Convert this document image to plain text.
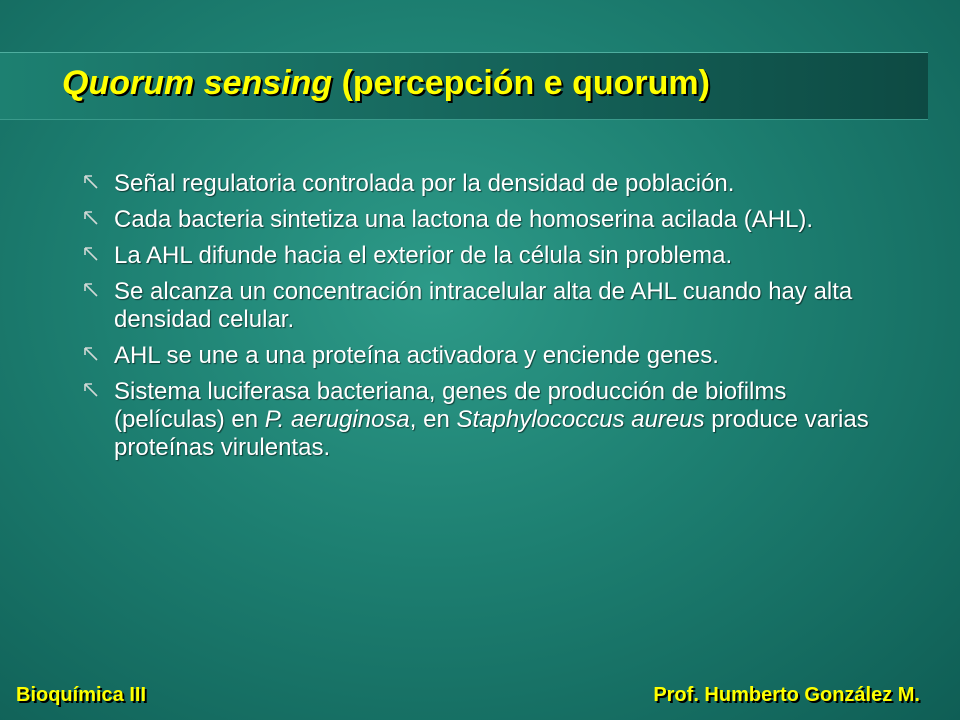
Quorum sensing (percepción e quorum)
Señal regulatoria controlada por la densidad de población.
Cada bacteria sintetiza una lactona de homoserina acilada (AHL).
La AHL difunde hacia el exterior de la célula sin problema.
Se alcanza un concentración intracelular alta de AHL cuando hay alta densidad celular.
AHL se une a una proteína activadora y enciende genes.
Sistema luciferasa bacteriana, genes de producción de biofilms (películas) en P. aeruginosa, en Staphylococcus aureus produce varias proteínas virulentas.
Bioquímica III	Prof. Humberto González M.
